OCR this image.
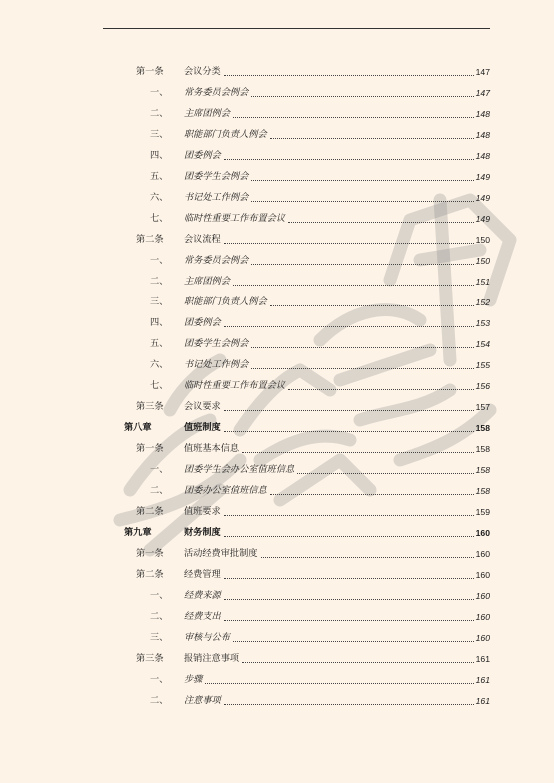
第一条	会议分类	147
一、	常务委员会例会	147
二、	主席团例会	148
三、	职能部门负责人例会	148
四、	团委例会	148
五、	团委学生会例会	149
六、	书记处工作例会	149
七、	临时性重要工作布置会议	149
第二条	会议流程	150
一、	常务委员会例会	150
二、	主席团例会	151
三、	职能部门负责人例会	152
四、	团委例会	153
五、	团委学生会例会	154
六、	书记处工作例会	155
七、	临时性重要工作布置会议	156
第三条	会议要求	157
第八章	值班制度	158
第一条	值班基本信息	158
一、	团委学生会办公室值班信息	158
二、	团委办公室值班信息	158
第二条	值班要求	159
第九章	财务制度	160
第一条	活动经费审批制度	160
第二条	经费管理	160
一、	经费来源	160
二、	经费支出	160
三、	审核与公布	160
第三条	报销注意事项	161
一、	步骤	161
二、	注意事项	161
